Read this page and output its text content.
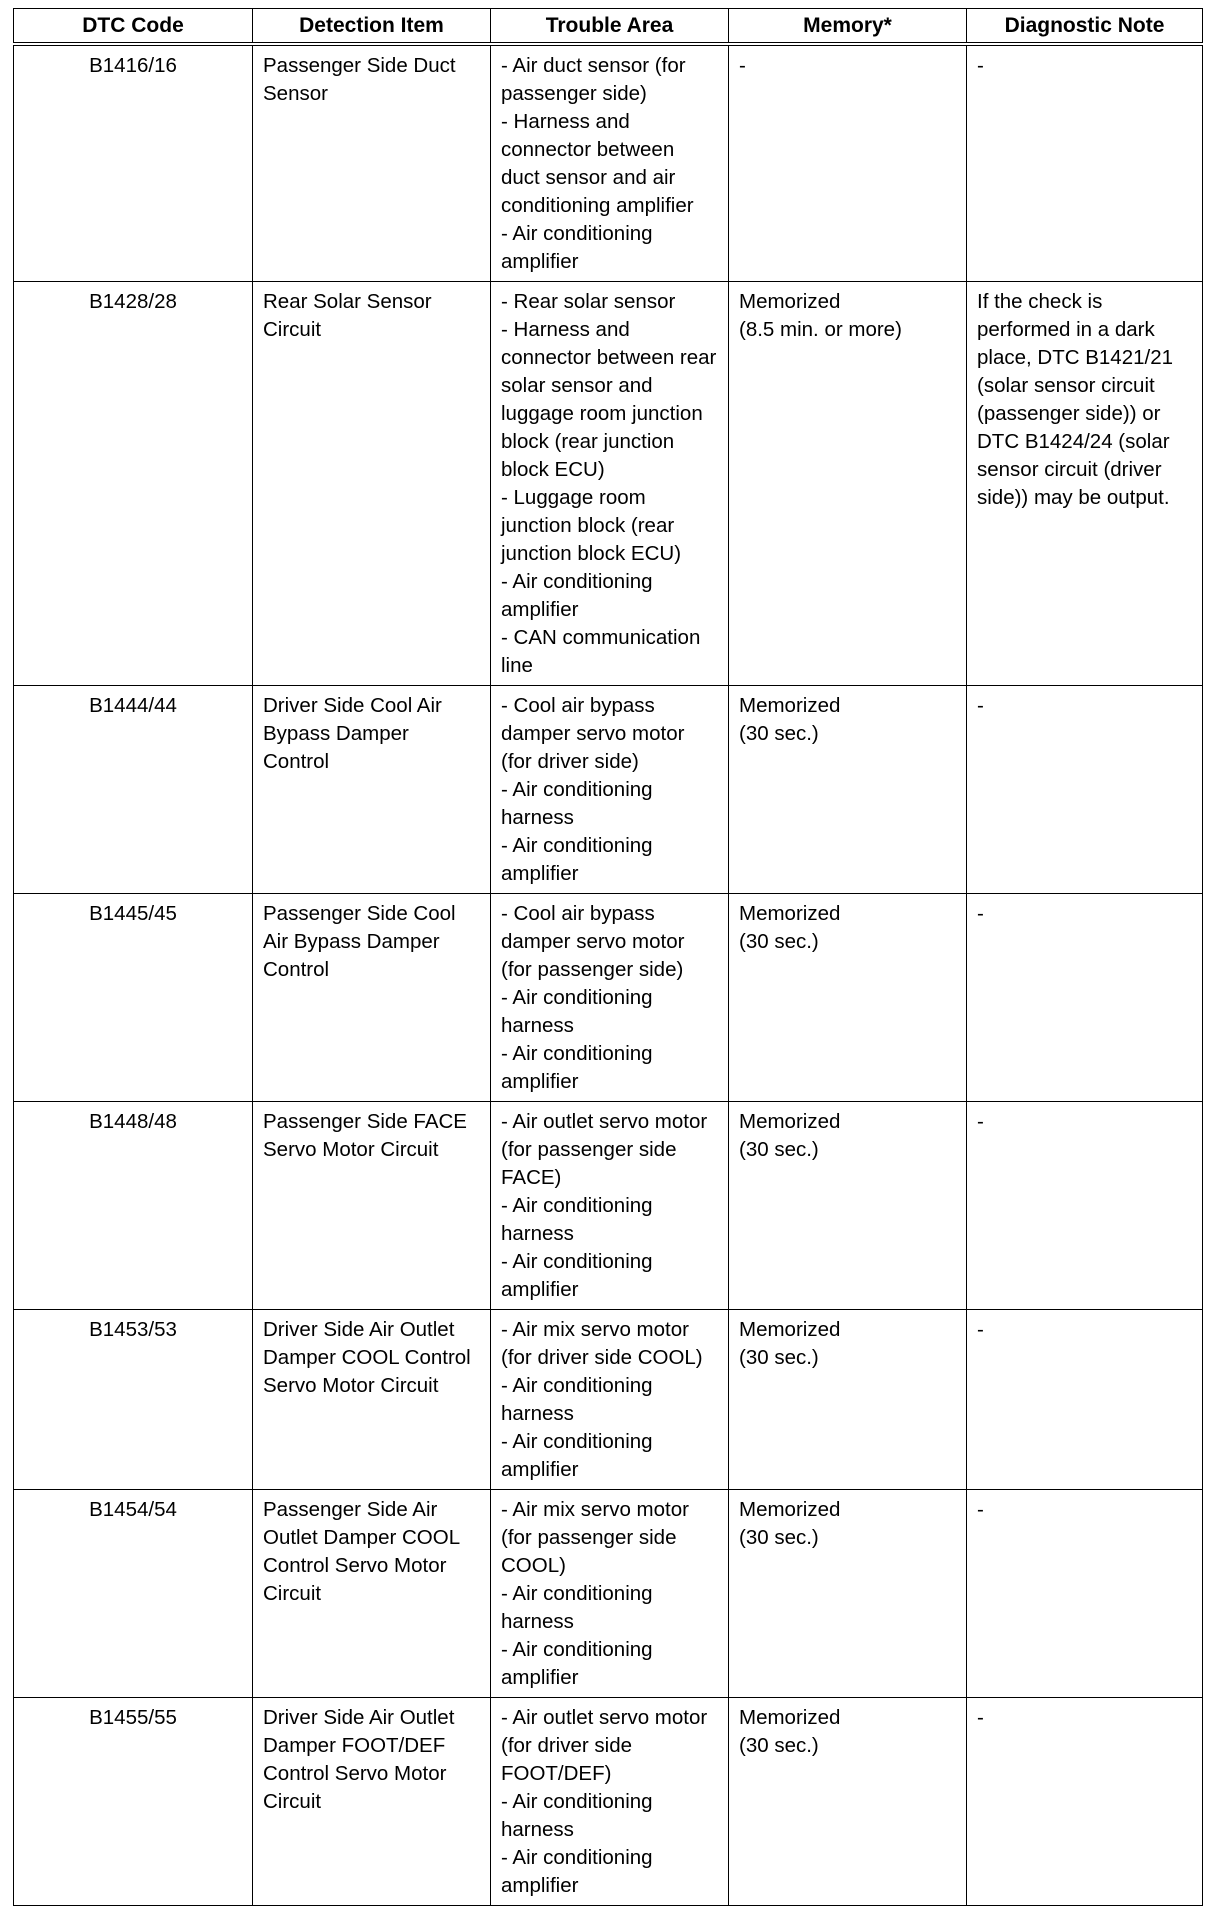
DTC Code	Detection Item	Trouble Area	Memory*	Diagnostic Note

B1416/16	Passenger Side Duct Sensor	- Air duct sensor (for passenger side)
- Harness and connector between duct sensor and air conditioning amplifier
- Air conditioning amplifier	-	-

B1428/28	Rear Solar Sensor Circuit	- Rear solar sensor
- Harness and connector between rear solar sensor and luggage room junction block (rear junction block ECU)
- Luggage room junction block (rear junction block ECU)
- Air conditioning amplifier
- CAN communication line	Memorized
(8.5 min. or more)	If the check is performed in a dark place, DTC B1421/21 (solar sensor circuit (passenger side)) or DTC B1424/24 (solar sensor circuit (driver side)) may be output.

B1444/44	Driver Side Cool Air Bypass Damper Control	- Cool air bypass damper servo motor (for driver side)
- Air conditioning harness
- Air conditioning amplifier	Memorized
(30 sec.)	-

B1445/45	Passenger Side Cool Air Bypass Damper Control	- Cool air bypass damper servo motor (for passenger side)
- Air conditioning harness
- Air conditioning amplifier	Memorized
(30 sec.)	-

B1448/48	Passenger Side FACE Servo Motor Circuit	- Air outlet servo motor (for passenger side FACE)
- Air conditioning harness
- Air conditioning amplifier	Memorized
(30 sec.)	-

B1453/53	Driver Side Air Outlet Damper COOL Control Servo Motor Circuit	- Air mix servo motor (for driver side COOL)
- Air conditioning harness
- Air conditioning amplifier	Memorized
(30 sec.)	-

B1454/54	Passenger Side Air Outlet Damper COOL Control Servo Motor Circuit	- Air mix servo motor (for passenger side COOL)
- Air conditioning harness
- Air conditioning amplifier	Memorized
(30 sec.)	-

B1455/55	Driver Side Air Outlet Damper FOOT/DEF Control Servo Motor Circuit	- Air outlet servo motor (for driver side FOOT/DEF)
- Air conditioning harness
- Air conditioning amplifier	Memorized
(30 sec.)	-
